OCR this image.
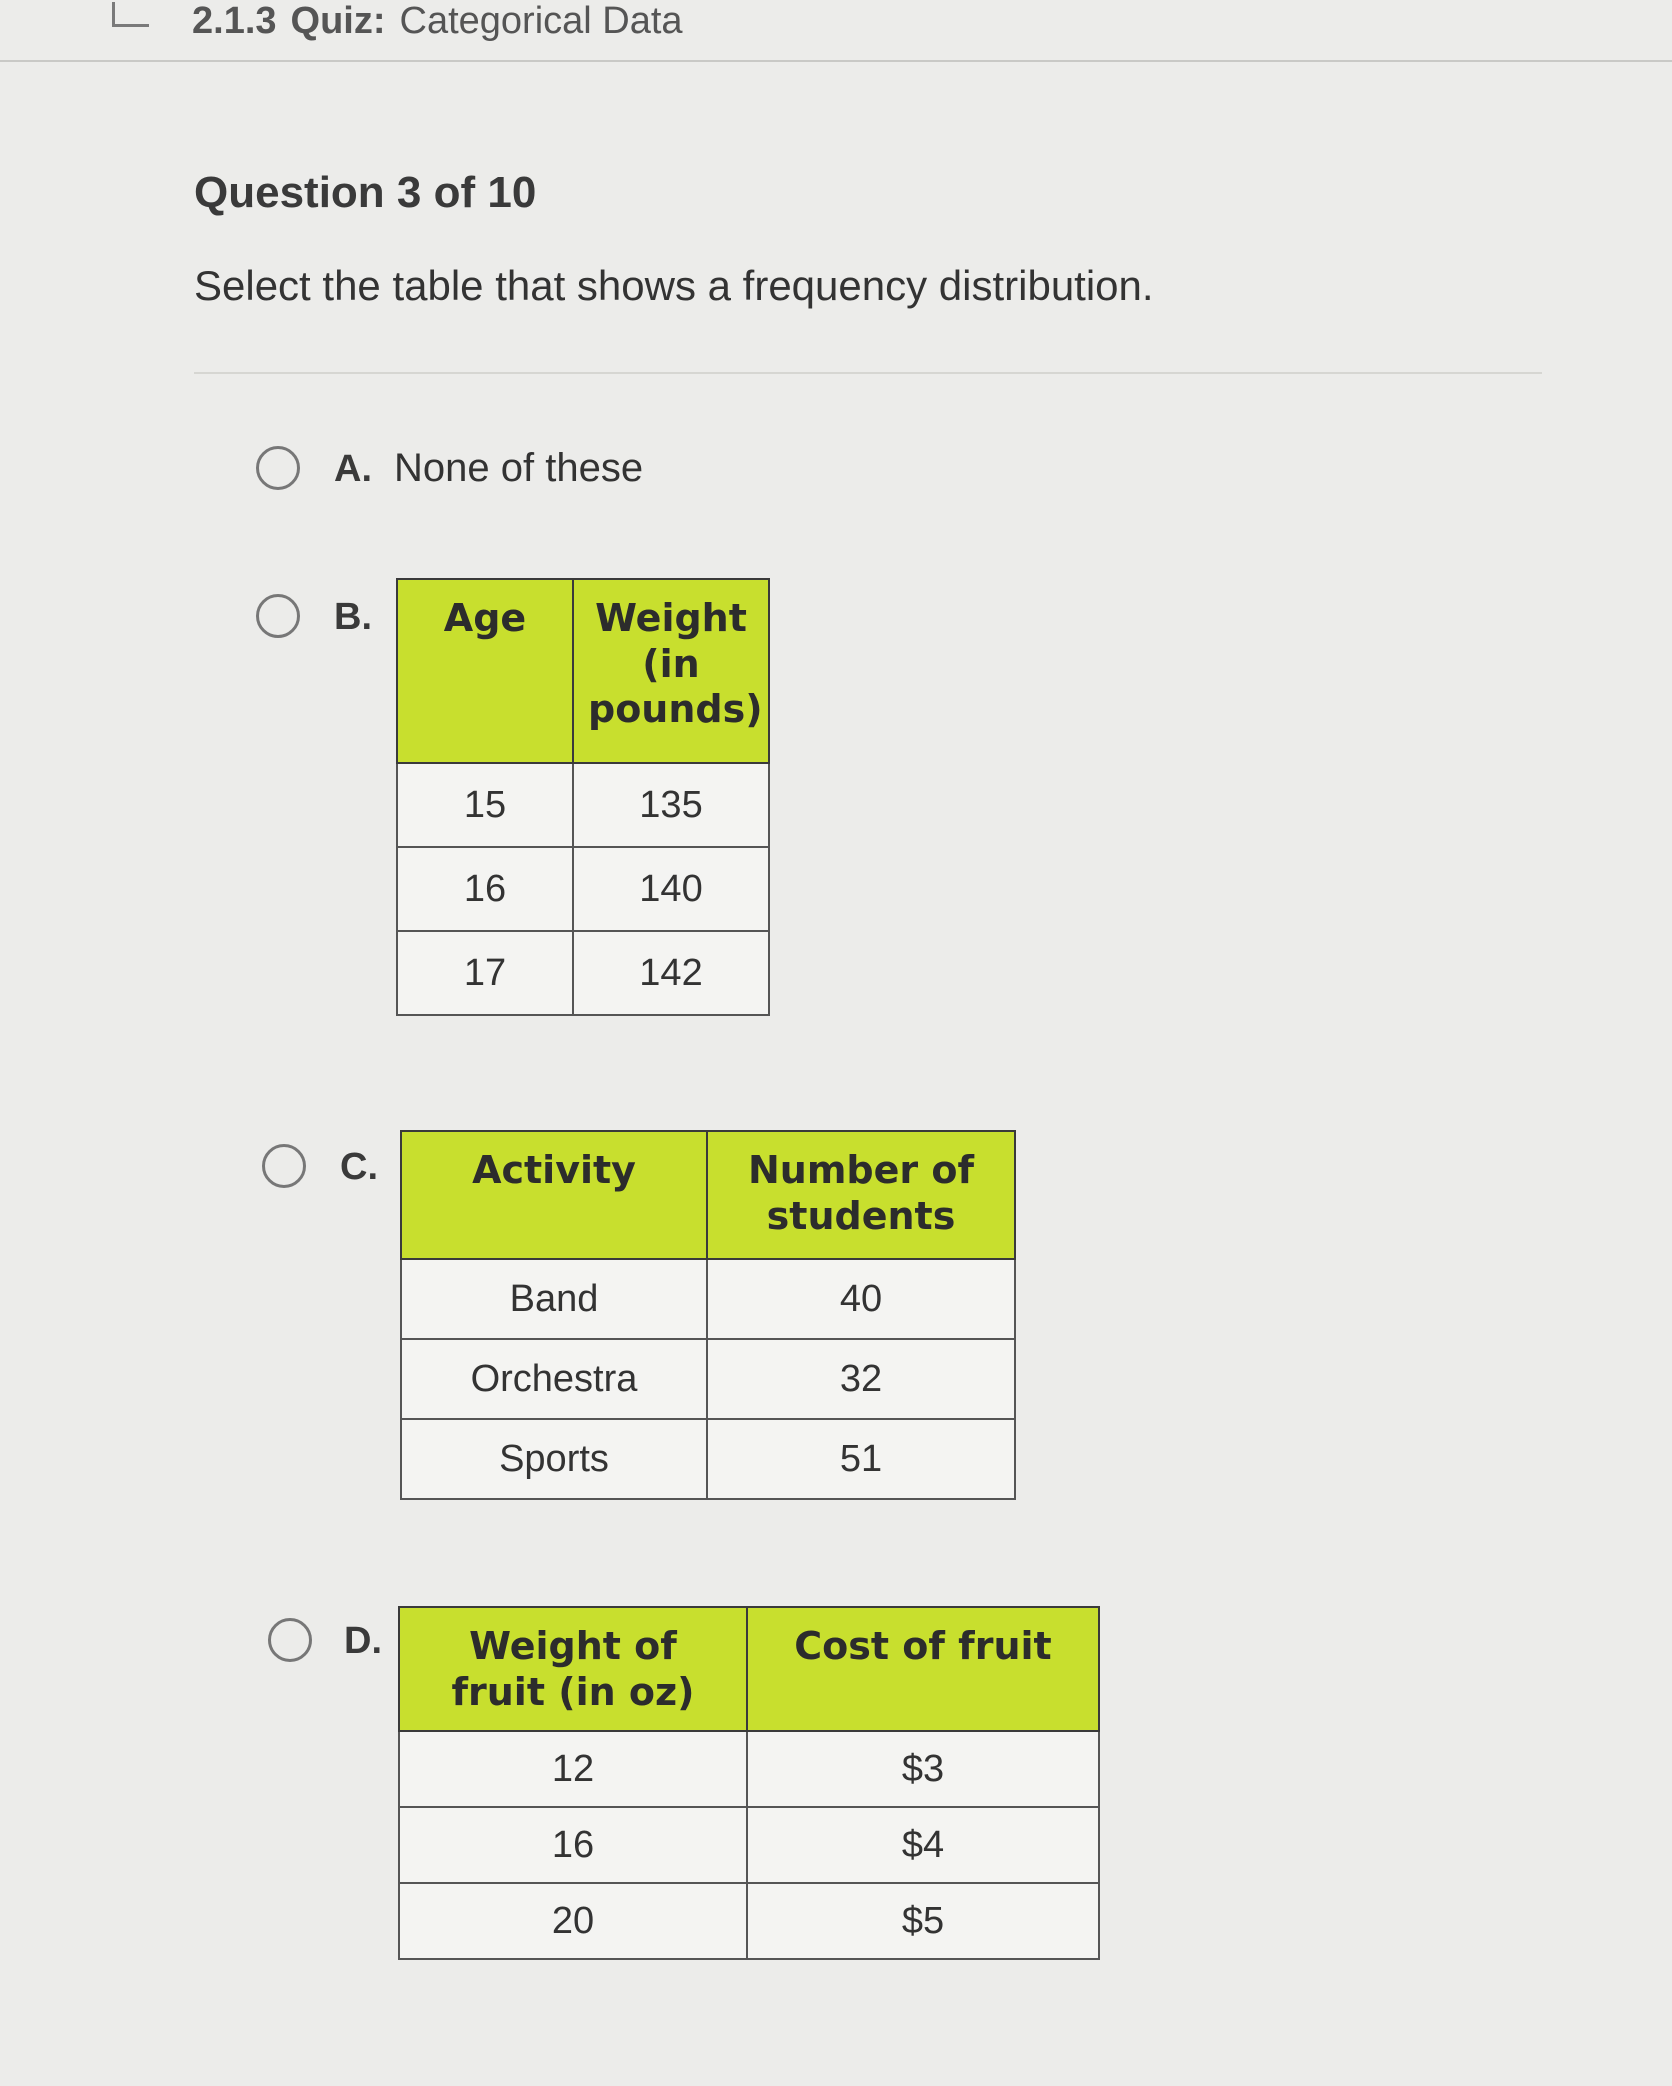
2.1.3 Quiz: Categorical Data
Question 3 of 10
Select the table that shows a frequency distribution.
A. None of these
B. Age	Weight (in pounds)
15	135
16	140
17	142
C. Activity	Number of students
Band	40
Orchestra	32
Sports	51
D. Weight of fruit (in oz)	Cost of fruit
12	$3
16	$4
20	$5
